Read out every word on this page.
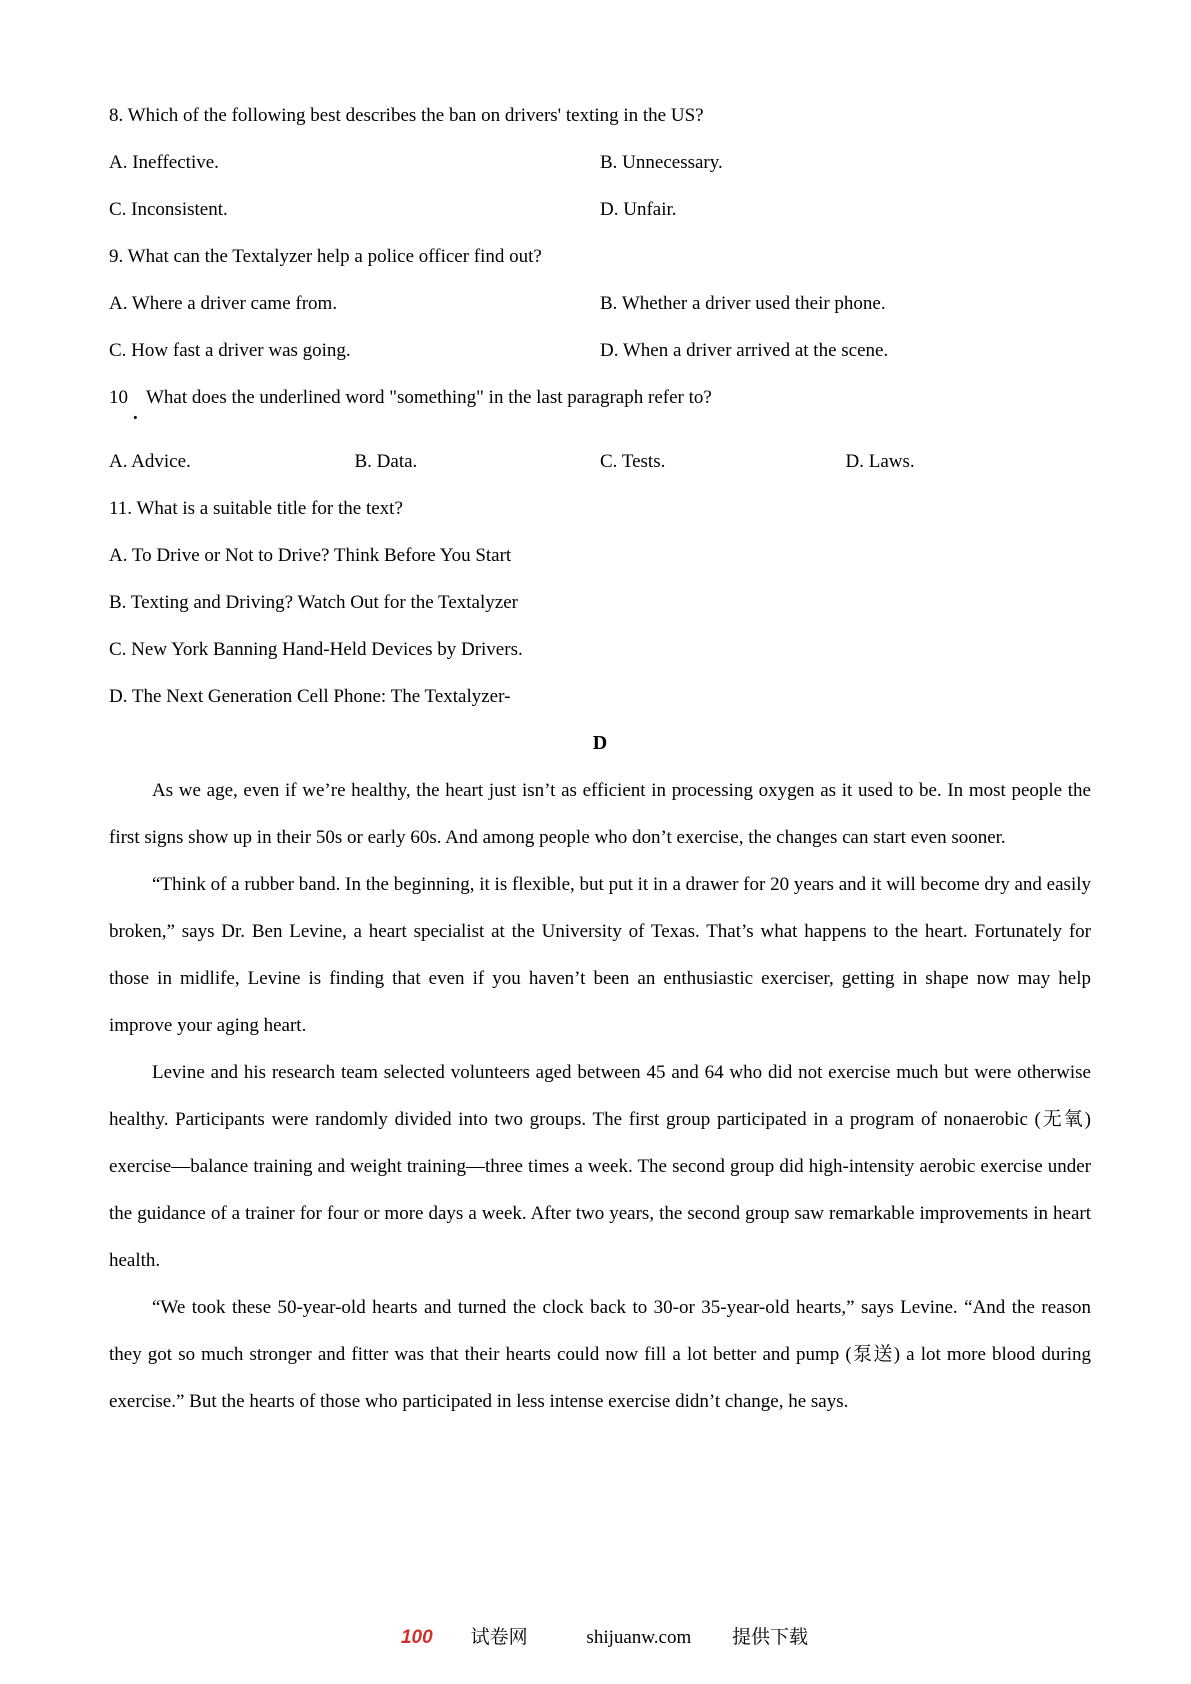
8. Which of the following best describes the ban on drivers' texting in the US?
A. Ineffective.	B. Unnecessary.
C. Inconsistent.	D. Unfair.
9. What can the Textalyzer help a police officer find out?
A. Where a driver came from.	B. Whether a driver used their phone.
C. How fast a driver was going.	D. When a driver arrived at the scene.
10
.
What does the underlined word "something" in the last paragraph refer to?
A. Advice.	B. Data.	C. Tests.	D. Laws.
11. What is a suitable title for the text?
A. To Drive or Not to Drive? Think Before You Start
B. Texting and Driving? Watch Out for the Textalyzer
C. New York Banning Hand-Held Devices by Drivers.
D. The Next Generation Cell Phone: The Textalyzer-
D

As we age, even if we’re healthy, the heart just isn’t as efficient in processing oxygen as it used to be. In most people the first signs show up in their 50s or early 60s. And among people who don’t exercise, the changes can start even sooner.

“Think of a rubber band. In the beginning, it is flexible, but put it in a drawer for 20 years and it will become dry and easily broken,” says Dr. Ben Levine, a heart specialist at the University of Texas. That’s what happens to the heart. Fortunately for those in midlife, Levine is finding that even if you haven’t been an enthusiastic exerciser, getting in shape now may help improve your aging heart.

Levine and his research team selected volunteers aged between 45 and 64 who did not exercise much but were otherwise healthy. Participants were randomly divided into two groups. The first group participated in a program of nonaerobic (无氧) exercise—balance training and weight training—three times a week. The second group did high-intensity aerobic exercise under the guidance of a trainer for four or more days a week. After two years, the second group saw remarkable improvements in heart health.

“We took these 50-year-old hearts and turned the clock back to 30-or 35-year-old hearts,” says Levine. “And the reason they got so much stronger and fitter was that their hearts could now fill a lot better and pump (泵送) a lot more blood during exercise.” But the hearts of those who participated in less intense exercise didn’t change, he says.

100 试卷网	shijuanw.com 提供下载
